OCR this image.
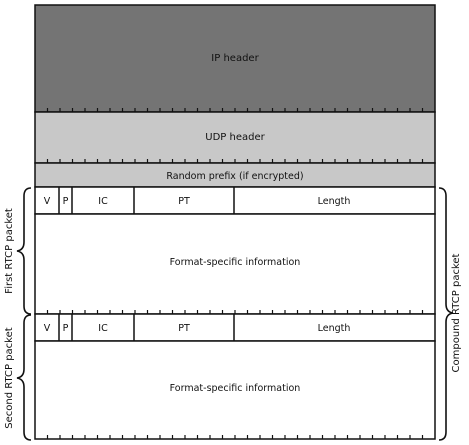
IP header
UDP header
Random prefix (if encrypted)
V P	IC	PT	Length
Format-specific information
V P	IC	PT	Length
Format-specific information
First RTCP packet
Second RTCP packet
Compound RTCP packet
